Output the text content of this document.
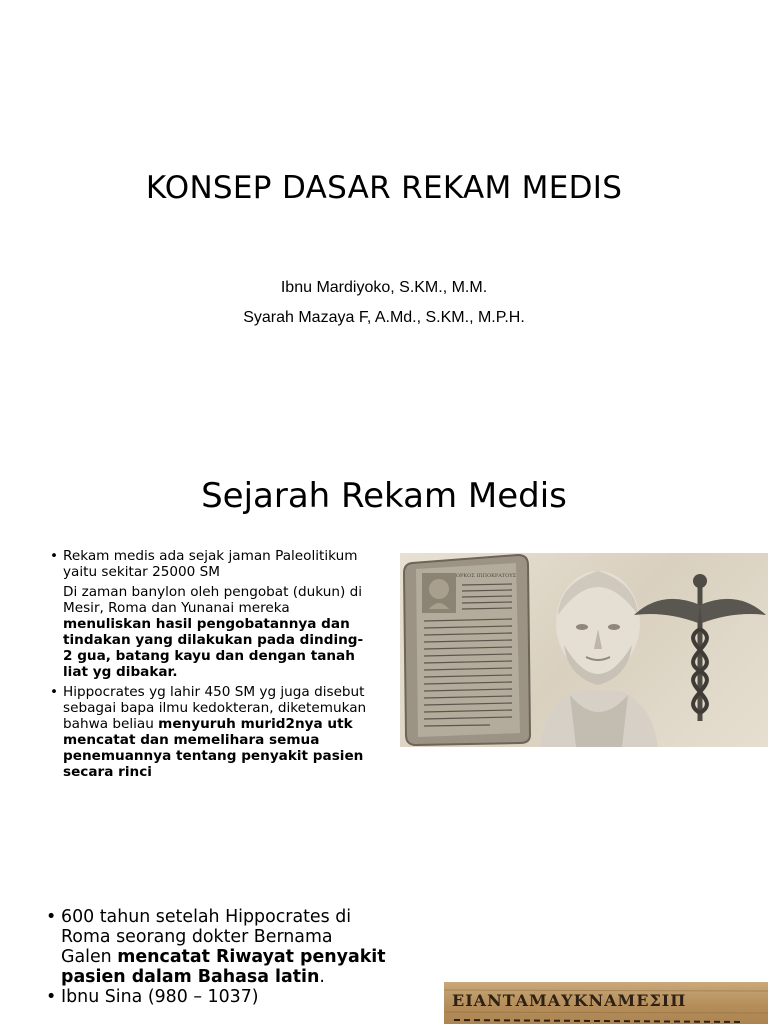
KONSEP DASAR REKAM MEDIS
Ibnu Mardiyoko, S.KM., M.M.
Syarah Mazaya F, A.Md., S.KM., M.P.H.
Sejarah Rekam Medis
• Rekam medis ada sejak jaman Paleolitikum yaitu sekitar 25000 SM
Di zaman banylon oleh pengobat (dukun) di Mesir, Roma dan Yunanai mereka menuliskan hasil pengobatannya dan tindakan yang dilakukan pada dinding-2 gua, batang kayu dan dengan tanah liat yg dibakar.
• Hippocrates yg lahir 450 SM yg juga disebut sebagai bapa ilmu kedokteran, diketemukan bahwa beliau menyuruh murid2nya utk mencatat dan memelihara semua penemuannya tentang penyakit pasien secara rinci
ΟΡΚΟΣ ΙΠΠΟΚΡΑΤΟΥΣ
• 600 tahun setelah Hippocrates di Roma seorang dokter Bernama Galen mencatat Riwayat penyakit pasien dalam Bahasa latin.
• Ibnu Sina (980 – 1037)	ΕΙΑΝΤΑΜΑΥΚΝΑΜΕΣΙΠ
